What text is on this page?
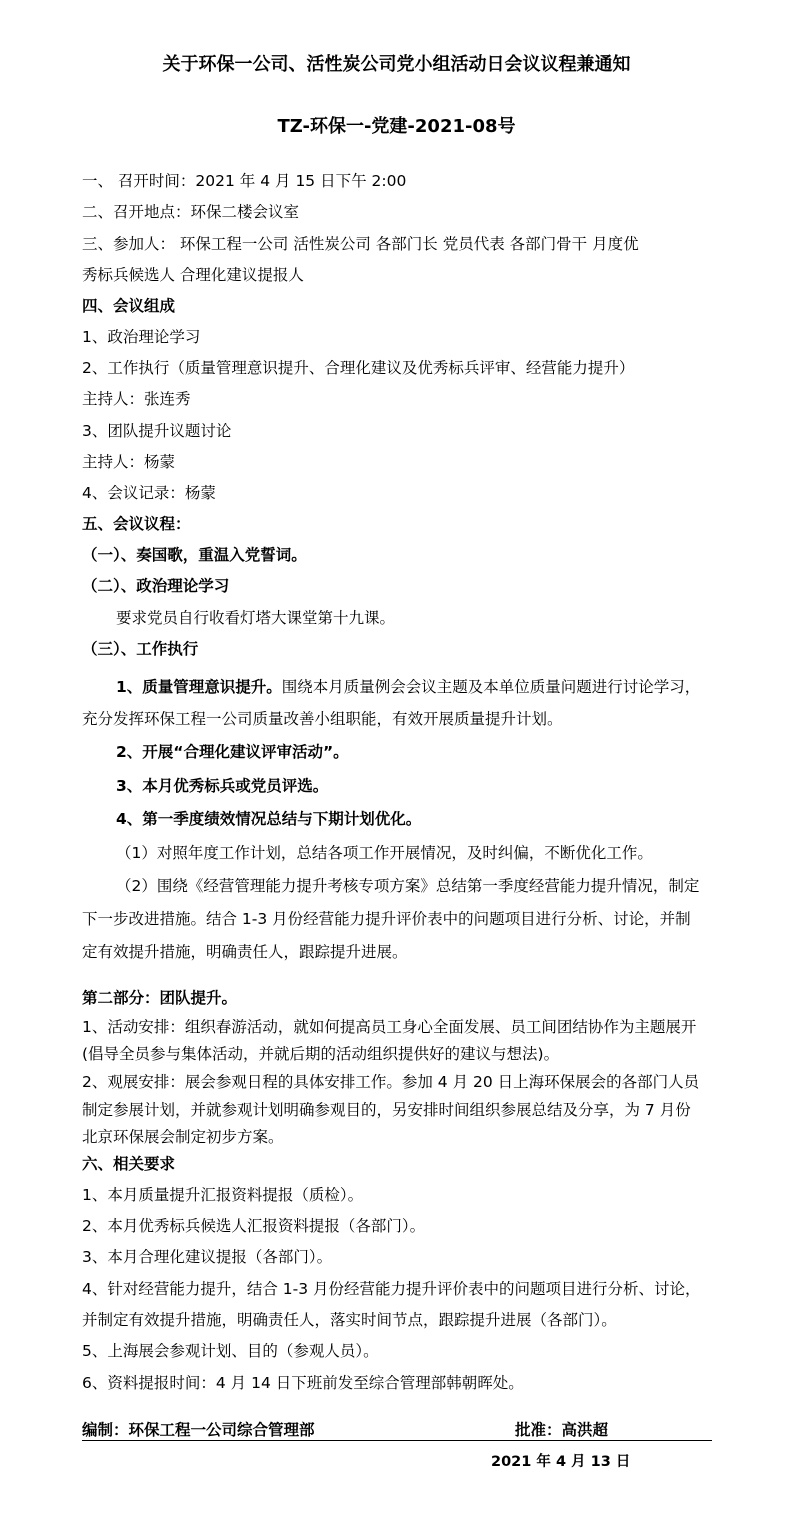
关于环保一公司、活性炭公司党小组活动日会议议程兼通知
TZ-环保一-党建-2021-08号
一、 召开时间：2021 年 4 月 15 日下午 2:00
二、召开地点：环保二楼会议室
三、参加人： 环保工程一公司 活性炭公司 各部门长 党员代表 各部门骨干 月度优
秀标兵候选人 合理化建议提报人
四、会议组成
1、政治理论学习
2、工作执行（质量管理意识提升、合理化建议及优秀标兵评审、经营能力提升）
主持人：张连秀
3、团队提升议题讨论
主持人：杨蒙
4、会议记录：杨蒙
五、会议议程：
（一）、奏国歌，重温入党誓词。
（二）、政治理论学习
要求党员自行收看灯塔大课堂第十九课。
（三）、工作执行
1、质量管理意识提升。围绕本月质量例会会议主题及本单位质量问题进行讨论学习，
充分发挥环保工程一公司质量改善小组职能，有效开展质量提升计划。
2、开展“合理化建议评审活动”。
3、本月优秀标兵或党员评选。
4、第一季度绩效情况总结与下期计划优化。
（1）对照年度工作计划，总结各项工作开展情况，及时纠偏，不断优化工作。
（2）围绕《经营管理能力提升考核专项方案》总结第一季度经营能力提升情况，制定
下一步改进措施。结合 1-3 月份经营能力提升评价表中的问题项目进行分析、讨论，并制
定有效提升措施，明确责任人，跟踪提升进展。
第二部分：团队提升。
1、活动安排：组织春游活动，就如何提高员工身心全面发展、员工间团结协作为主题展开
(倡导全员参与集体活动，并就后期的活动组织提供好的建议与想法)。
2、观展安排：展会参观日程的具体安排工作。参加 4 月 20 日上海环保展会的各部门人员
制定参展计划，并就参观计划明确参观目的，另安排时间组织参展总结及分享，为 7 月份
北京环保展会制定初步方案。
六、相关要求
1、本月质量提升汇报资料提报（质检）。
2、本月优秀标兵候选人汇报资料提报（各部门）。
3、本月合理化建议提报（各部门）。
4、针对经营能力提升，结合 1-3 月份经营能力提升评价表中的问题项目进行分析、讨论，
并制定有效提升措施，明确责任人，落实时间节点，跟踪提升进展（各部门）。
5、上海展会参观计划、目的（参观人员）。
6、资料提报时间：4 月 14 日下班前发至综合管理部韩朝晖处。
编制：环保工程一公司综合管理部	批准：高洪超
2021 年 4 月 13 日
